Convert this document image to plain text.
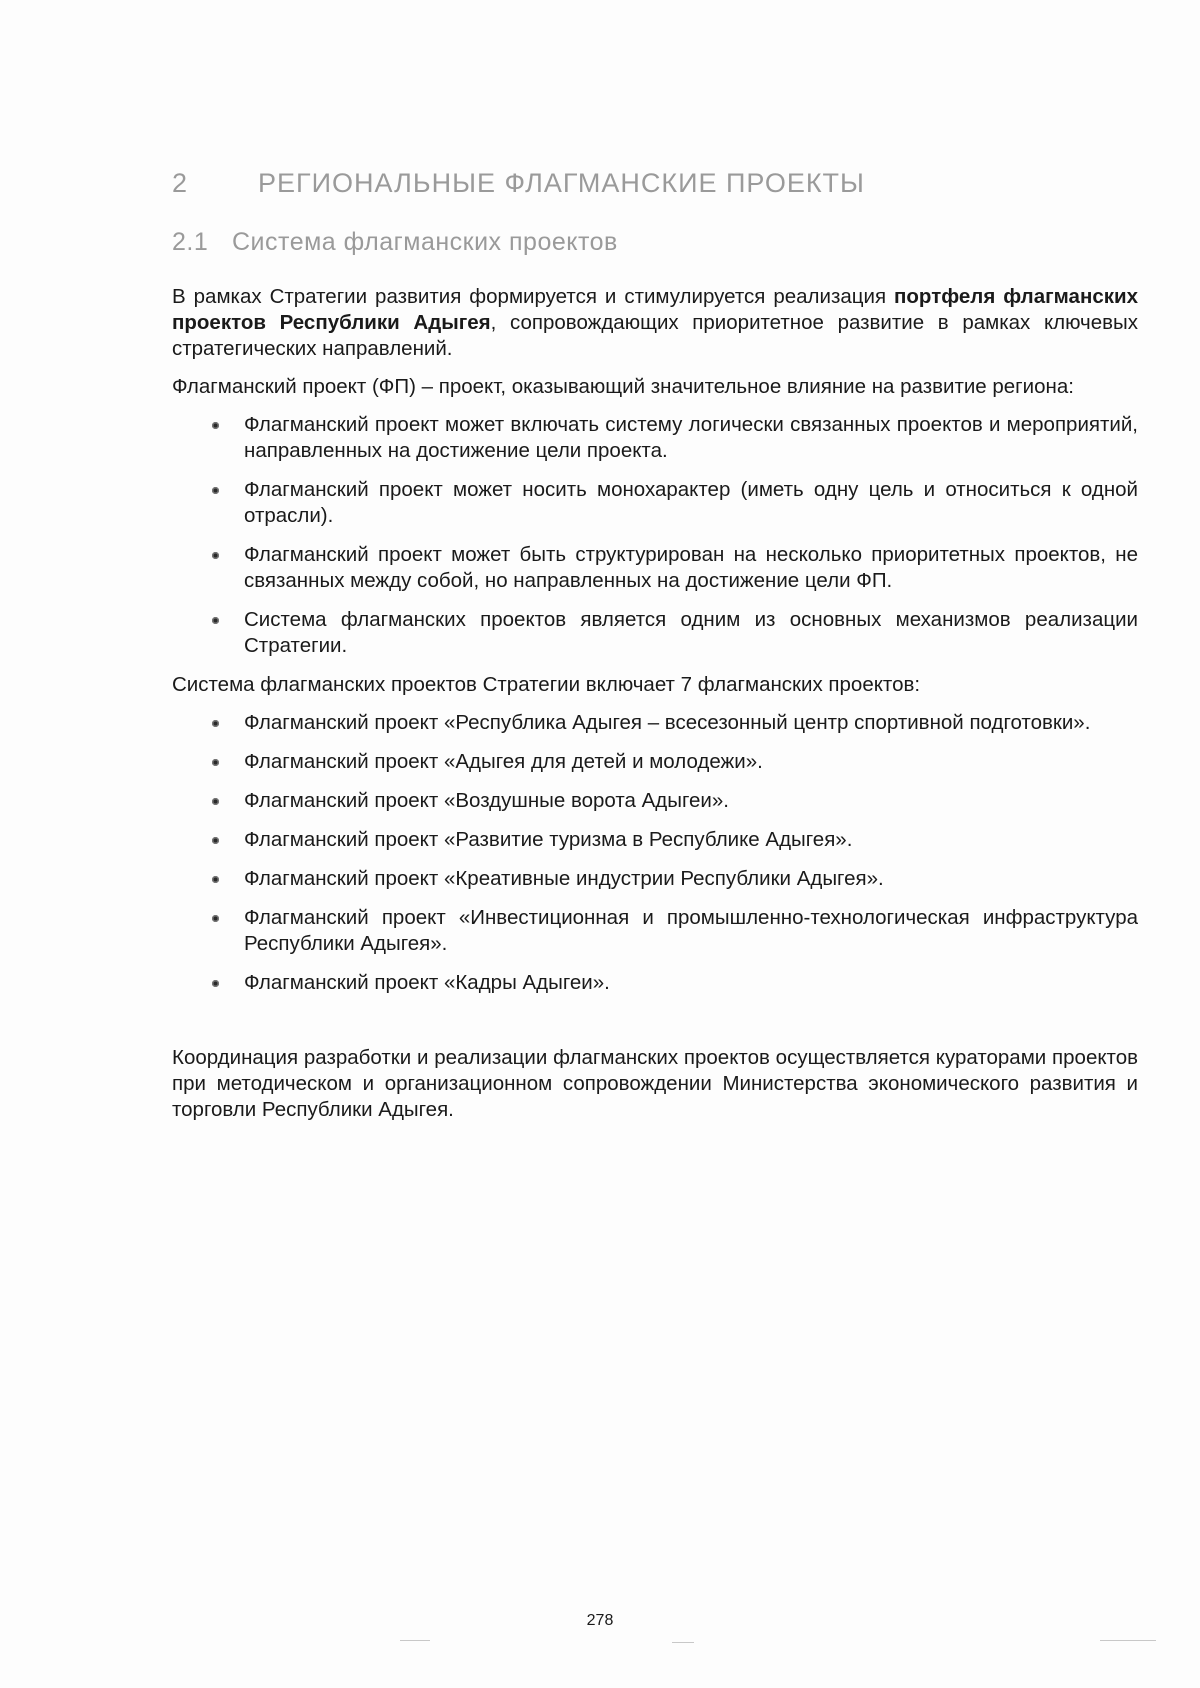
2	РЕГИОНАЛЬНЫЕ ФЛАГМАНСКИЕ ПРОЕКТЫ
2.1 Система флагманских проектов

В рамках Стратегии развития формируется и стимулируется реализация портфеля флагманских проектов Республики Адыгея, сопровождающих приоритетное развитие в рамках ключевых стратегических направлений.

Флагманский проект (ФП) – проект, оказывающий значительное влияние на развитие региона:

Флагманский проект может включать систему логически связанных проектов и мероприятий, направленных на достижение цели проекта.
Флагманский проект может носить монохарактер (иметь одну цель и относиться к одной отрасли).
Флагманский проект может быть структурирован на несколько приоритетных проектов, не связанных между собой, но направленных на достижение цели ФП.
Система флагманских проектов является одним из основных механизмов реализации Стратегии.

Система флагманских проектов Стратегии включает 7 флагманских проектов:

Флагманский проект «Республика Адыгея – всесезонный центр спортивной подготовки».
Флагманский проект «Адыгея для детей и молодежи».
Флагманский проект «Воздушные ворота Адыгеи».
Флагманский проект «Развитие туризма в Республике Адыгея».
Флагманский проект «Креативные индустрии Республики Адыгея».
Флагманский проект «Инвестиционная и промышленно-технологическая инфраструктура Республики Адыгея».
Флагманский проект «Кадры Адыгеи».

Координация разработки и реализации флагманских проектов осуществляется кураторами проектов при методическом и организационном сопровождении Министерства экономического развития и торговли Республики Адыгея.

278
